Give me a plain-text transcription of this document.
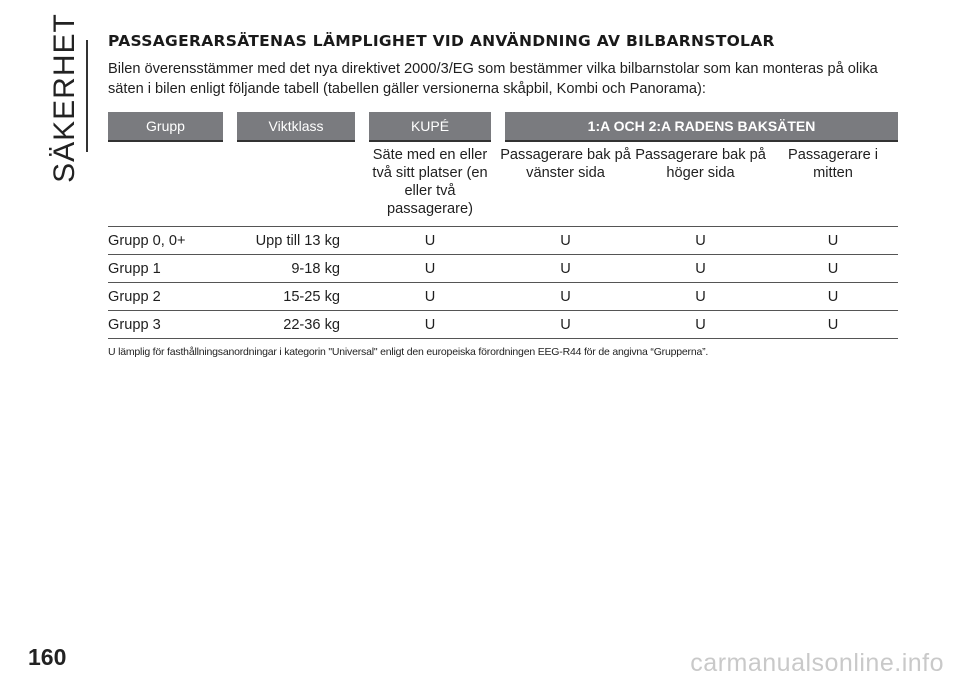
SÄKERHET PASSAGERARSÄTENAS LÄMPLIGHET VID ANVÄNDNING AV BILBARNSTOLAR

Bilen överensstämmer med det nya direktivet 2000/3/EG som bestämmer vilka bilbarnstolar som kan monteras på olika säten i bilen enligt följande tabell (tabellen gäller versionerna skåpbil, Kombi och Panorama):

Grupp	Viktklass	KUPÉ	1:A OCH 2:A RADENS BAKSÄTEN		
		Säte med en eller två sitt platser (en eller två passagerare)	Passagerare bak på vänster sida	Passagerare bak på höger sida	Passagerare i mitten
Grupp 0, 0+	Upp till 13 kg	U	U	U	U
Grupp 1	9-18 kg	U	U	U	U
Grupp 2	15-25 kg	U	U	U	U
Grupp 3	22-36 kg	U	U	U	U
U lämplig för fasthållningsanordningar i kategorin "Universal" enligt den europeiska förordningen EEG-R44 för de angivna “Grupperna”.
160	carmanualsonline.info
